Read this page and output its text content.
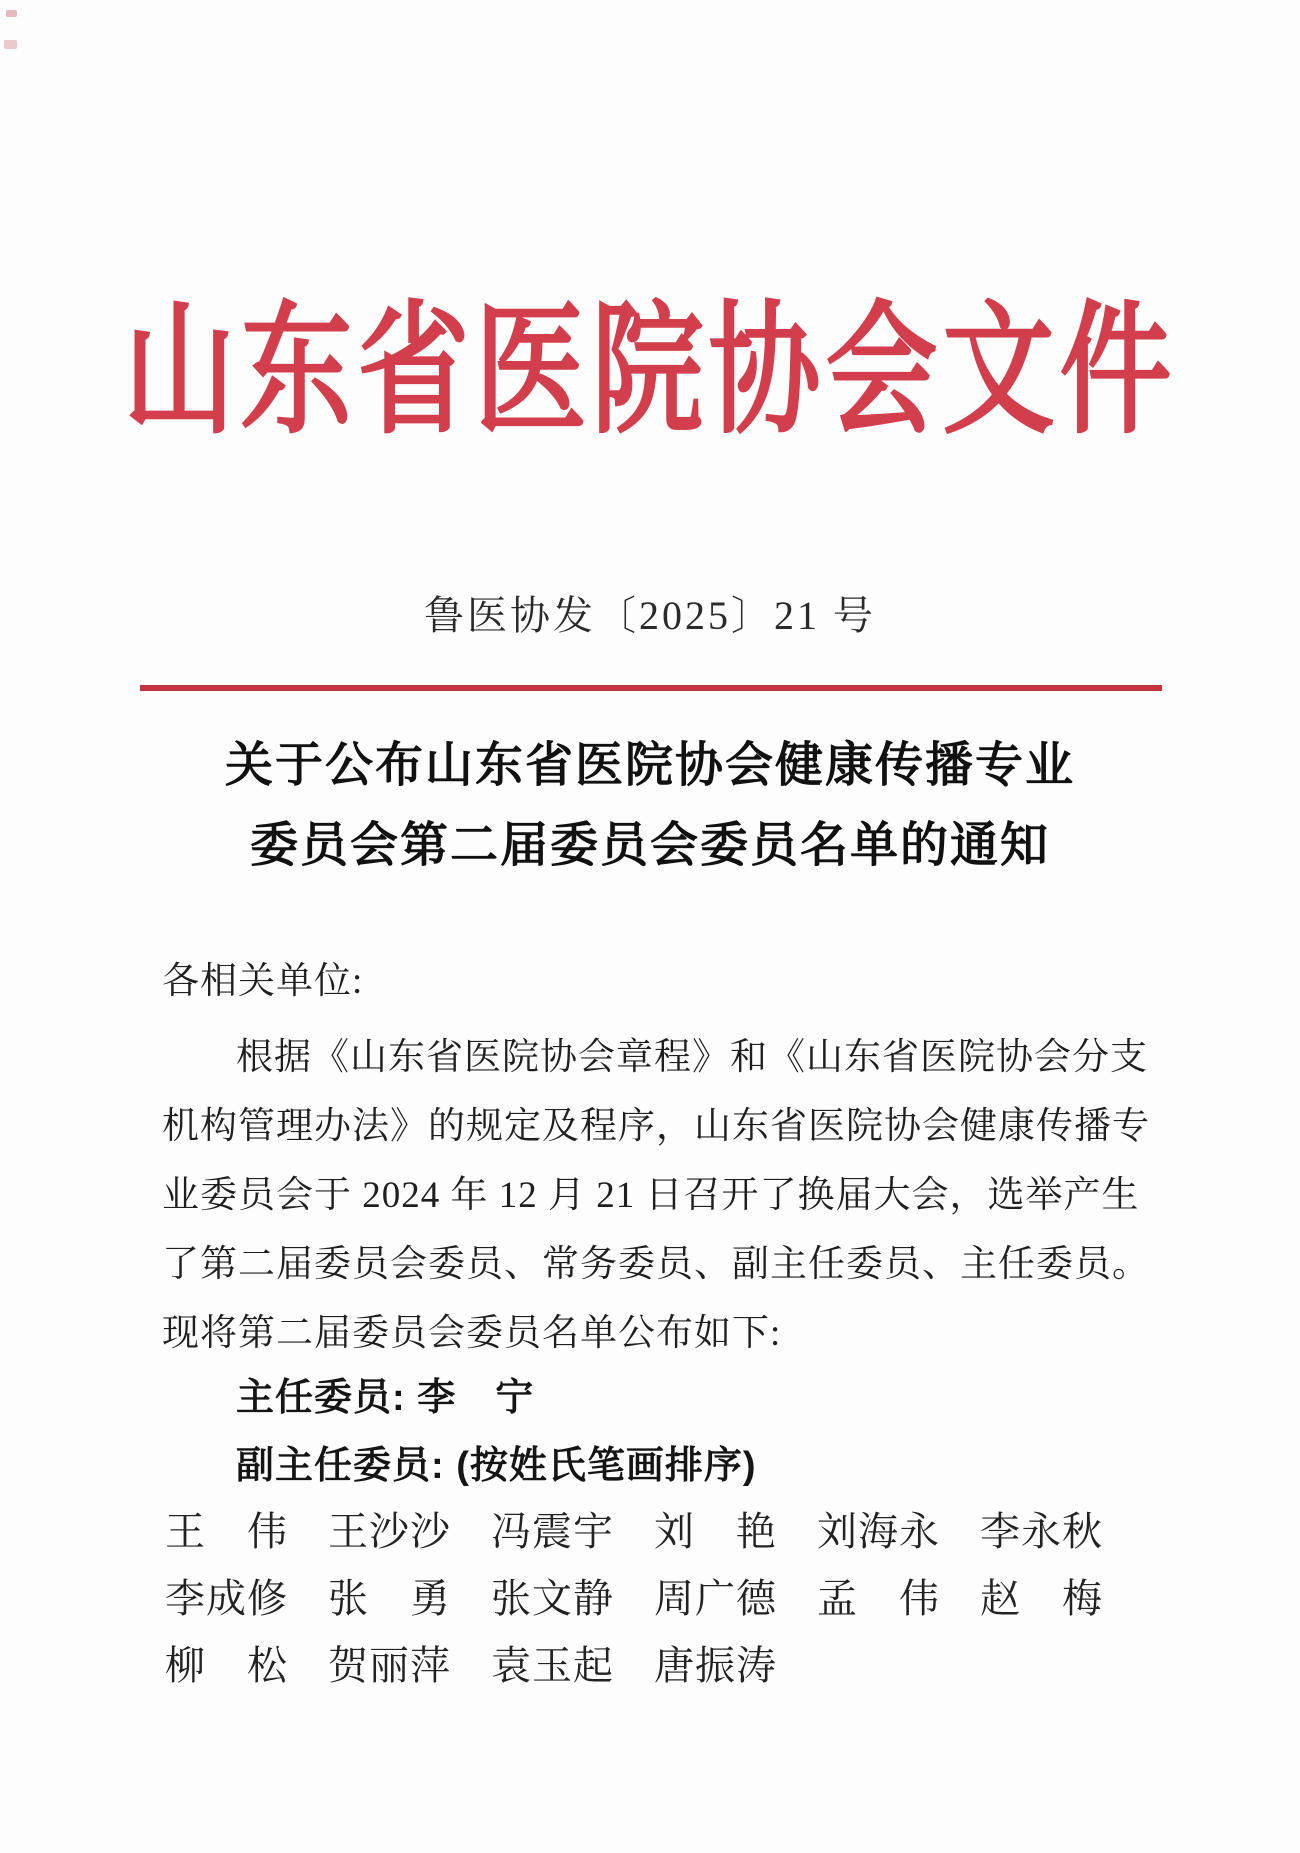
山东省医院协会文件
鲁医协发〔2025〕21 号
关于公布山东省医院协会健康传播专业
委员会第二届委员会委员名单的通知
各相关单位:
根据《山东省医院协会章程》和《山东省医院协会分支
机构管理办法》的规定及程序，山东省医院协会健康传播专
业委员会于 2024 年 12 月 21 日召开了换届大会，选举产生
了第二届委员会委员、常务委员、副主任委员、主任委员。
现将第二届委员会委员名单公布如下:
主任委员: 李　宁
副主任委员: (按姓氏笔画排序)
王　伟	王沙沙	冯震宇	刘　艳	刘海永	李永秋
李成修	张　勇	张文静	周广德	孟　伟	赵　梅
柳　松	贺丽萍	袁玉起	唐振涛
